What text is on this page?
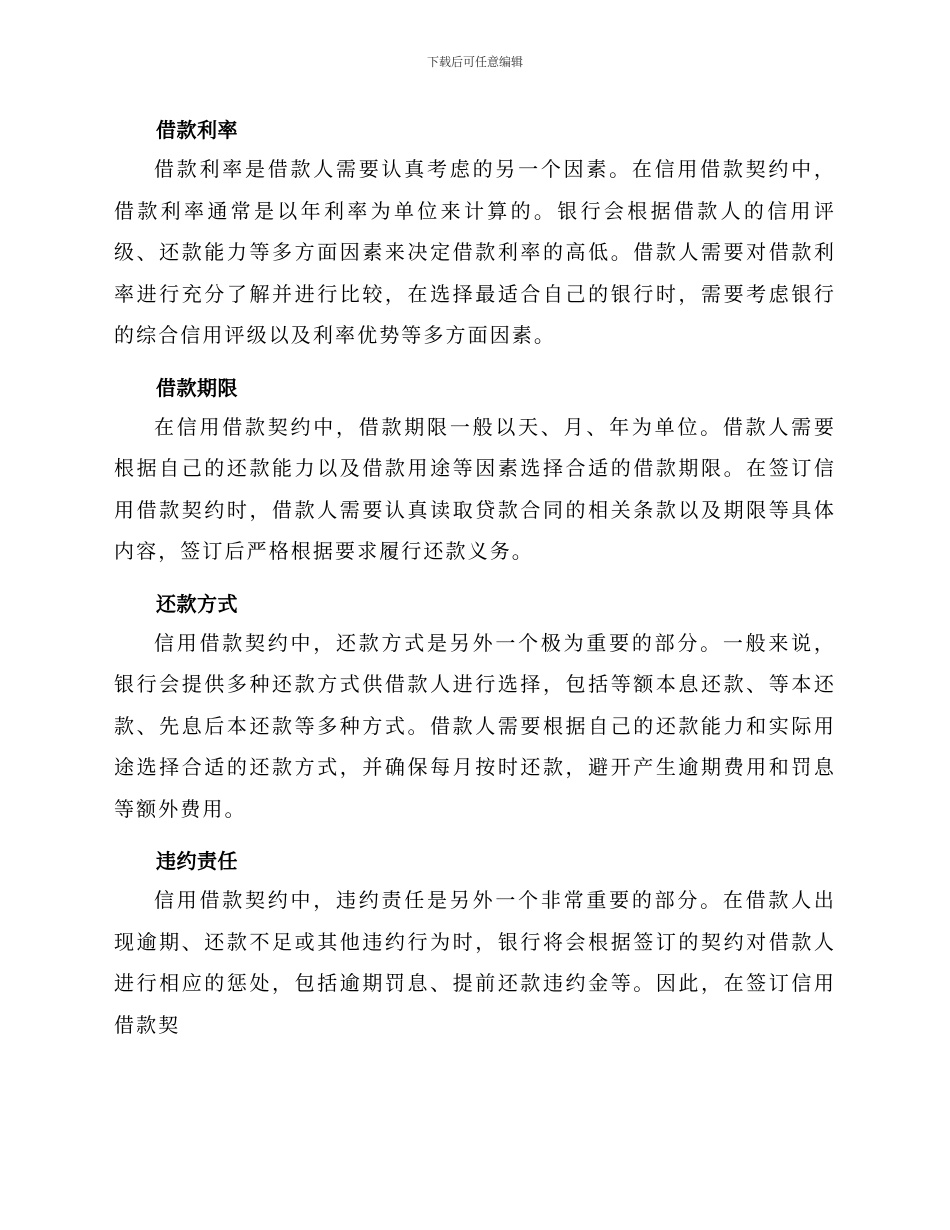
下载后可任意编辑
借款利率

借款利率是借款人需要认真考虑的另一个因素。在信用借款契约中，借款利率通常是以年利率为单位来计算的。银行会根据借款人的信用评级、还款能力等多方面因素来决定借款利率的高低。借款人需要对借款利率进行充分了解并进行比较，在选择最适合自己的银行时，需要考虑银行的综合信用评级以及利率优势等多方面因素。

借款期限

在信用借款契约中，借款期限一般以天、月、年为单位。借款人需要根据自己的还款能力以及借款用途等因素选择合适的借款期限。在签订信用借款契约时，借款人需要认真读取贷款合同的相关条款以及期限等具体内容，签订后严格根据要求履行还款义务。

还款方式

信用借款契约中，还款方式是另外一个极为重要的部分。一般来说，银行会提供多种还款方式供借款人进行选择，包括等额本息还款、等本还款、先息后本还款等多种方式。借款人需要根据自己的还款能力和实际用途选择合适的还款方式，并确保每月按时还款，避开产生逾期费用和罚息等额外费用。

违约责任

信用借款契约中，违约责任是另外一个非常重要的部分。在借款人出现逾期、还款不足或其他违约行为时，银行将会根据签订的契约对借款人进行相应的惩处，包括逾期罚息、提前还款违约金等。因此，在签订信用借款契
